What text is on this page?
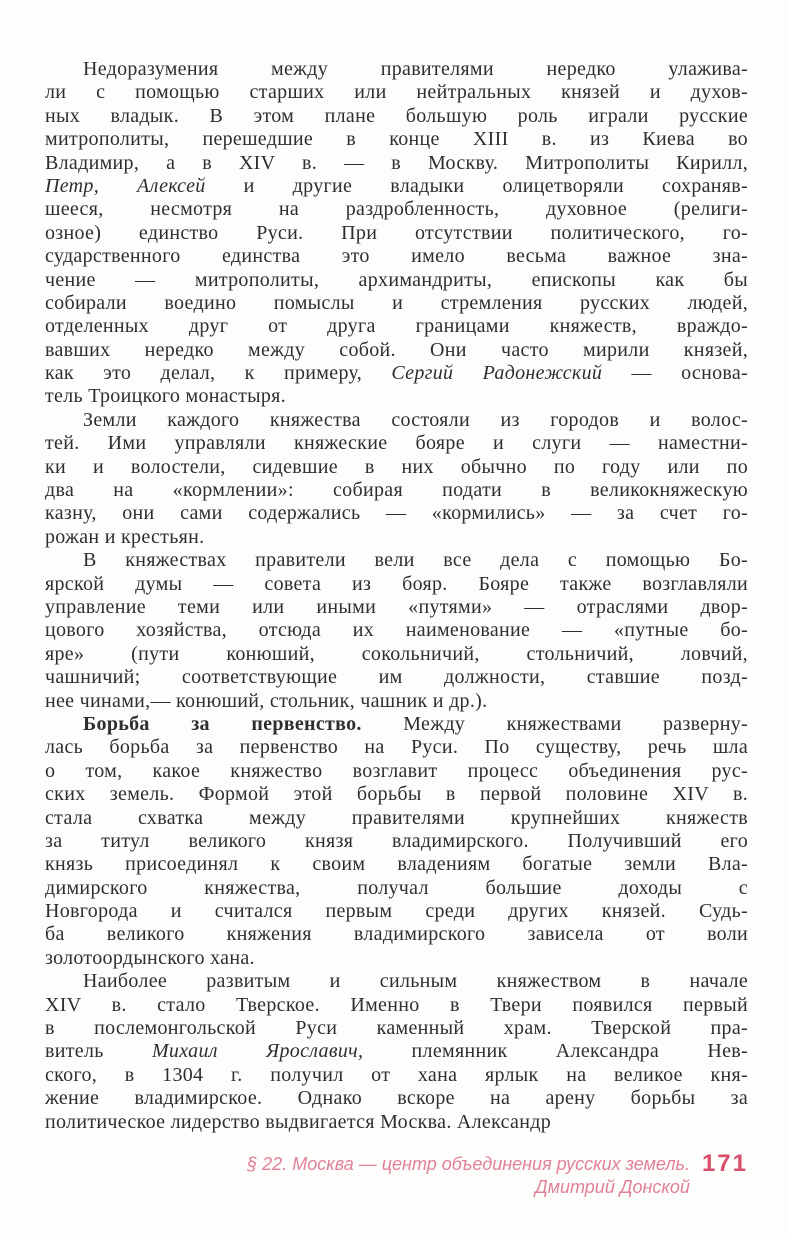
Недоразумения между правителями нередко улажива-
ли с помощью старших или нейтральных князей и духов-
ных владык. В этом плане большую роль играли русские
митрополиты, перешедшие в конце XIII в. из Киева во
Владимир, а в XIV в. — в Москву. Митрополиты Кирилл,
Петр, Алексей и другие владыки олицетворяли сохраняв-
шееся, несмотря на раздробленность, духовное (религи-
озное) единство Руси. При отсутствии политического, го-
сударственного единства это имело весьма важное зна-
чение — митрополиты, архимандриты, епископы как бы
собирали воедино помыслы и стремления русских людей,
отделенных друг от друга границами княжеств, враждо-
вавших нередко между собой. Они часто мирили князей,
как это делал, к примеру, Сергий Радонежский — основа-
тель Троицкого монастыря.
Земли каждого княжества состояли из городов и волос-
тей. Ими управляли княжеские бояре и слуги — наместни-
ки и волостели, сидевшие в них обычно по году или по
два на «кормлении»: собирая подати в великокняжескую
казну, они сами содержались — «кормились» — за счет го-
рожан и крестьян.
В княжествах правители вели все дела с помощью Бо-
ярской думы — совета из бояр. Бояре также возглавляли
управление теми или иными «путями» — отраслями двор-
цового хозяйства, отсюда их наименование — «путные бо-
яре» (пути конюший, сокольничий, стольничий, ловчий,
чашничий; соответствующие им должности, ставшие позд-
нее чинами,— конюший, стольник, чашник и др.).
Борьба за первенство. Между княжествами разверну-
лась борьба за первенство на Руси. По существу, речь шла
о том, какое княжество возглавит процесс объединения рус-
ских земель. Формой этой борьбы в первой половине XIV в.
стала схватка между правителями крупнейших княжеств
за титул великого князя владимирского. Получивший его
князь присоединял к своим владениям богатые земли Вла-
димирского княжества, получал большие доходы с
Новгорода и считался первым среди других князей. Судь-
ба великого княжения владимирского зависела от воли
золотоордынского хана.
Наиболее развитым и сильным княжеством в начале
XIV в. стало Тверское. Именно в Твери появился первый
в послемонгольской Руси каменный храм. Тверской пра-
витель Михаил Ярославич, племянник Александра Нев-
ского, в 1304 г. получил от хана ярлык на великое кня-
жение владимирское. Однако вскоре на арену борьбы за
политическое лидерство выдвигается Москва. Александр
§ 22. Москва — центр объединения русских земель.
Дмитрий Донской
171
